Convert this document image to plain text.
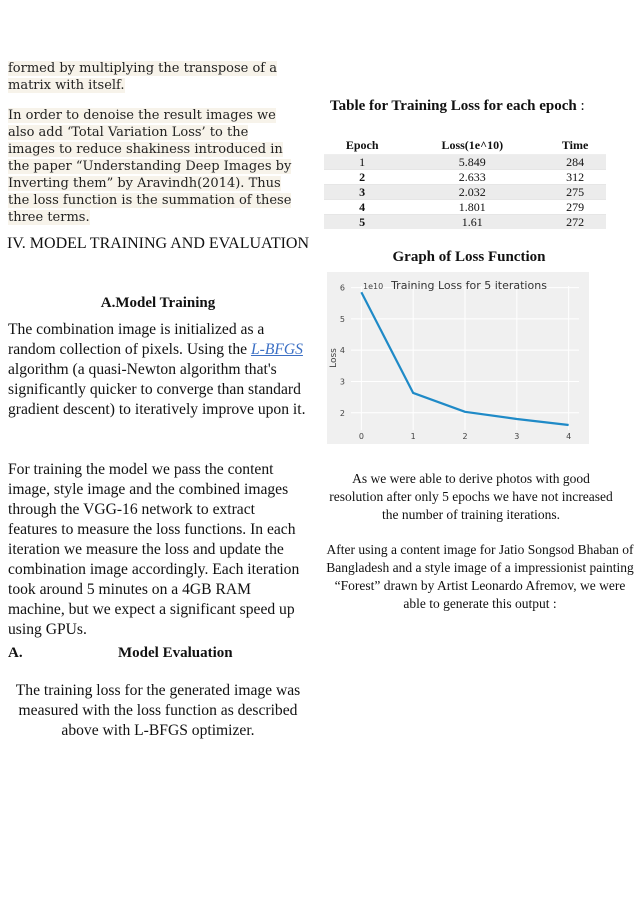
formed by multiplying the transpose of a matrix with itself.
In order to denoise the result images we also add ‘Total Variation Loss’ to the images to reduce shakiness introduced in the paper “Understanding Deep Images by Inverting them” by Aravindh(2014). Thus the loss function is the summation of these three terms.
IV. MODEL TRAINING AND EVALUATION
A.Model Training
The combination image is initialized as a random collection of pixels. Using the L-BFGS algorithm (a quasi-Newton algorithm that's significantly quicker to converge than standard gradient descent) to iteratively improve upon it.
For training the model we pass the content image, style image and the combined images through the VGG-16 network to extract features to measure the loss functions. In each iteration we measure the loss and update the combination image accordingly. Each iteration took around 5 minutes on a 4GB RAM machine, but we expect a significant speed up using GPUs.
A.	Model Evaluation
The training loss for the generated image was measured with the loss function as described above with L-BFGS optimizer.
Table for Training Loss for each epoch :
Epoch	Loss(1e^10)	Time
1	5.849	284
2	2.633	312
3	2.032	275
4	1.801	279
5	1.61	272
Graph of Loss Function
0	1	2	3	4
2
3
4
5
6 1e10 Training Loss for 5 iterations
Loss
As we were able to derive photos with good resolution after only 5 epochs we have not increased the number of training iterations.
After using a content image for Jatio Songsod Bhaban of Bangladesh and a style image of a impressionist painting “Forest” drawn by Artist Leonardo Afremov, we were able to generate this output :
